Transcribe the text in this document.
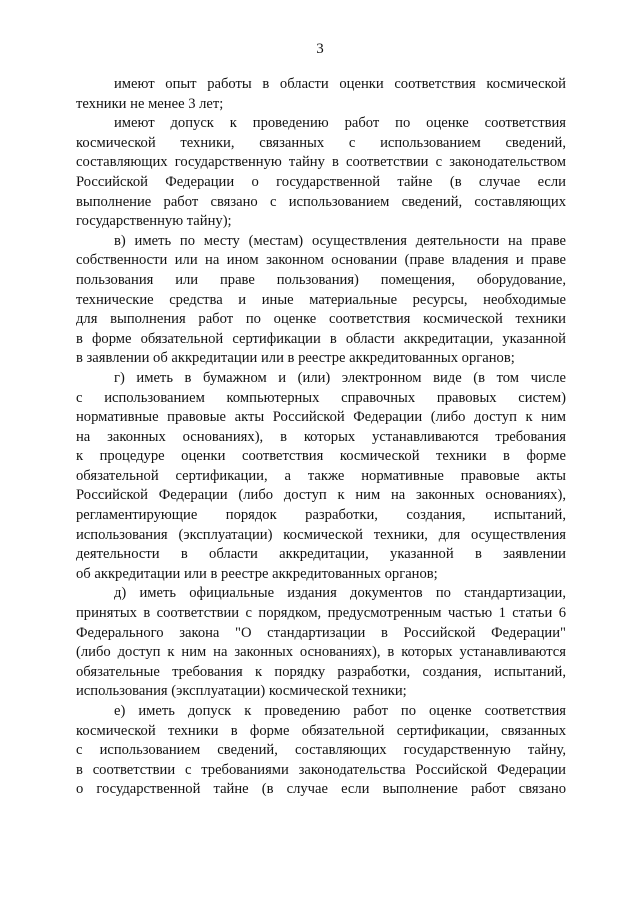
3
имеют опыт работы в области оценки соответствия космической
техники не менее 3 лет;
имеют допуск к проведению работ по оценке соответствия
космической техники, связанных с использованием сведений,
составляющих государственную тайну в соответствии с законодательством
Российской Федерации о государственной тайне (в случае если
выполнение работ связано с использованием сведений, составляющих
государственную тайну);
в) иметь по месту (местам) осуществления деятельности на праве
собственности или на ином законном основании (праве владения и праве
пользования или праве пользования) помещения, оборудование,
технические средства и иные материальные ресурсы, необходимые
для выполнения работ по оценке соответствия космической техники
в форме обязательной сертификации в области аккредитации, указанной
в заявлении об аккредитации или в реестре аккредитованных органов;
г) иметь в бумажном и (или) электронном виде (в том числе
с использованием компьютерных справочных правовых систем)
нормативные правовые акты Российской Федерации (либо доступ к ним
на законных основаниях), в которых устанавливаются требования
к процедуре оценки соответствия космической техники в форме
обязательной сертификации, а также нормативные правовые акты
Российской Федерации (либо доступ к ним на законных основаниях),
регламентирующие порядок разработки, создания, испытаний,
использования (эксплуатации) космической техники, для осуществления
деятельности в области аккредитации, указанной в заявлении
об аккредитации или в реестре аккредитованных органов;
д) иметь официальные издания документов по стандартизации,
принятых в соответствии с порядком, предусмотренным частью 1 статьи 6
Федерального закона "О стандартизации в Российской Федерации"
(либо доступ к ним на законных основаниях), в которых устанавливаются
обязательные требования к порядку разработки, создания, испытаний,
использования (эксплуатации) космической техники;
е) иметь допуск к проведению работ по оценке соответствия
космической техники в форме обязательной сертификации, связанных
с использованием сведений, составляющих государственную тайну,
в соответствии с требованиями законодательства Российской Федерации
о государственной тайне (в случае если выполнение работ связано
